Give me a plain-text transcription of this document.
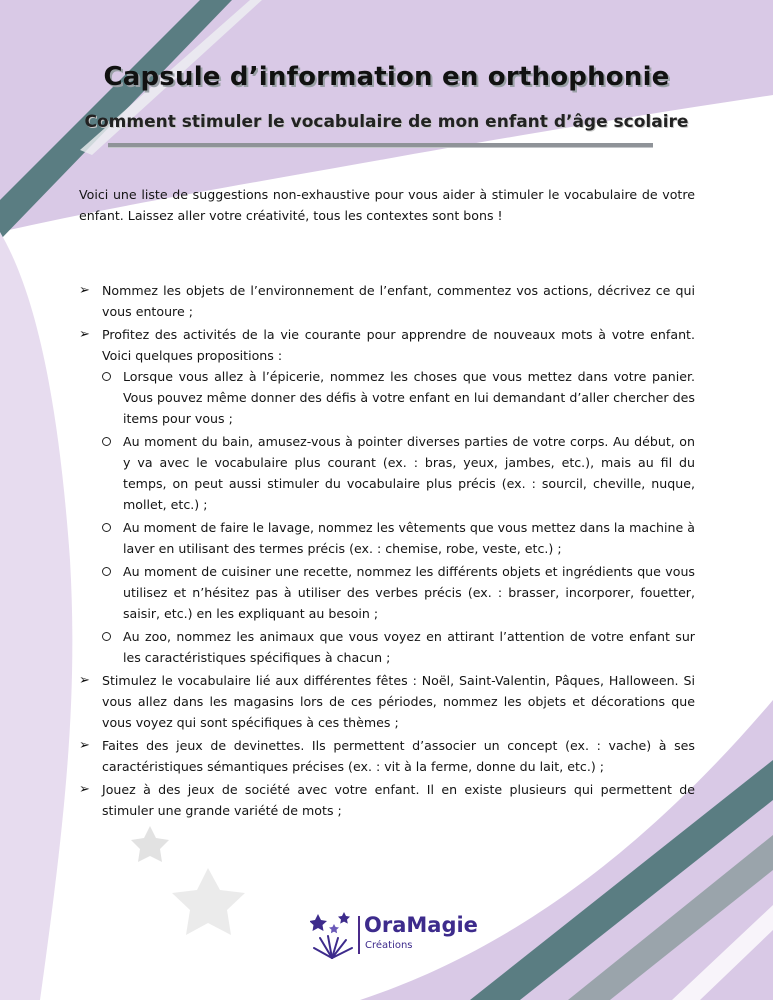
Capsule d’information en orthophonie
Comment stimuler le vocabulaire de mon enfant d’âge scolaire

Voici une liste de suggestions non-exhaustive pour vous aider à stimuler le vocabulaire de votre enfant. Laissez aller votre créativité, tous les contextes sont bons !

➢ Nommez les objets de l’environnement de l’enfant, commentez vos actions, décrivez ce qui vous entoure ;
➢ Profitez des activités de la vie courante pour apprendre de nouveaux mots à votre enfant. Voici quelques propositions :
Lorsque vous allez à l’épicerie, nommez les choses que vous mettez dans votre panier. Vous pouvez même donner des défis à votre enfant en lui demandant d’aller chercher des items pour vous ;
Au moment du bain, amusez-vous à pointer diverses parties de votre corps. Au début, on y va avec le vocabulaire plus courant (ex. : bras, yeux, jambes, etc.), mais au fil du temps, on peut aussi stimuler du vocabulaire plus précis (ex. : sourcil, cheville, nuque, mollet, etc.) ;
Au moment de faire le lavage, nommez les vêtements que vous mettez dans la machine à laver en utilisant des termes précis (ex. : chemise, robe, veste, etc.) ;
Au moment de cuisiner une recette, nommez les différents objets et ingrédients que vous utilisez et n’hésitez pas à utiliser des verbes précis (ex. : brasser, incorporer, fouetter, saisir, etc.) en les expliquant au besoin ;
Au zoo, nommez les animaux que vous voyez en attirant l’attention de votre enfant sur les caractéristiques spécifiques à chacun ;
➢ Stimulez le vocabulaire lié aux différentes fêtes : Noël, Saint-Valentin, Pâques, Halloween. Si vous allez dans les magasins lors de ces périodes, nommez les objets et décorations que vous voyez qui sont spécifiques à ces thèmes ;
➢ Faites des jeux de devinettes. Ils permettent d’associer un concept (ex. : vache) à ses caractéristiques sémantiques précises (ex. : vit à la ferme, donne du lait, etc.) ;
➢ Jouez à des jeux de société avec votre enfant. Il en existe plusieurs qui permettent de stimuler une grande variété de mots ;
OraMagie
Créations
